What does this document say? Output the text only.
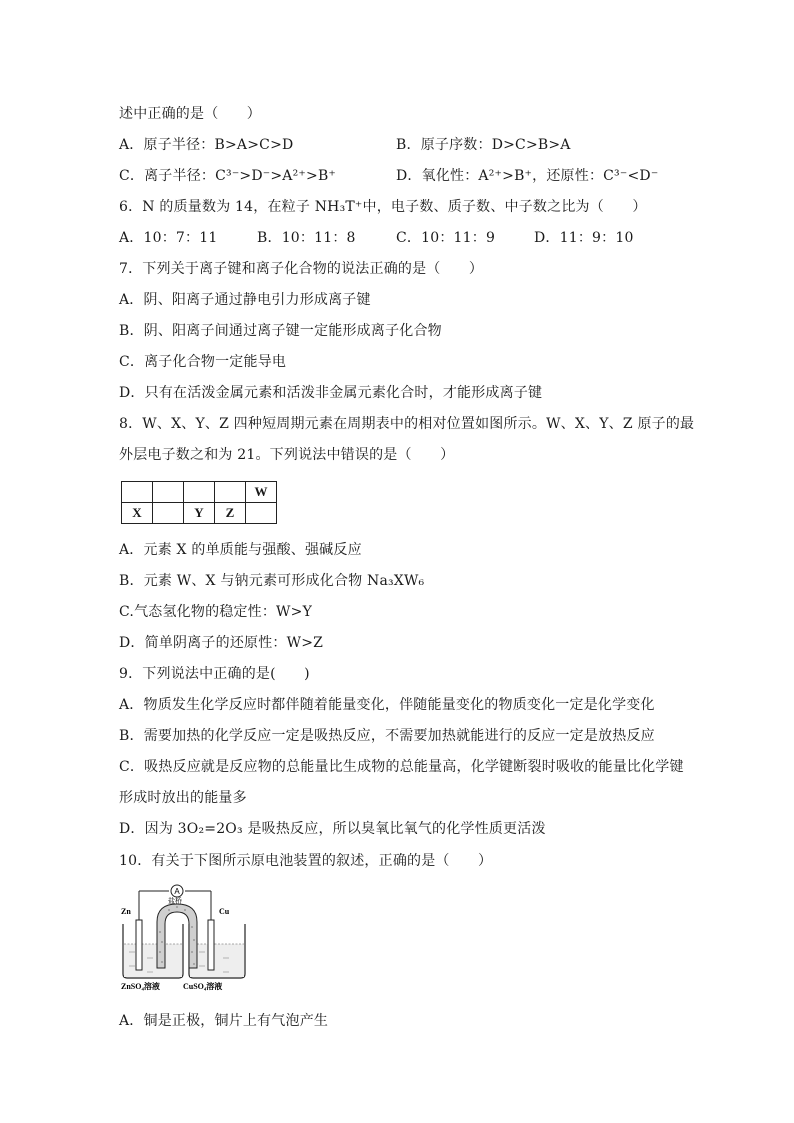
述中正确的是（　　）
A．原子半径：B>A>C>D	B．原子序数：D>C>B>A
C．离子半径：C³⁻>D⁻>A²⁺>B⁺	D．氧化性：A²⁺>B⁺，还原性：C³⁻<D⁻
6．N 的质量数为 14，在粒子 NH₃T⁺中，电子数、质子数、中子数之比为（　　）
A．10：7：11	B．10：11：8	C．10：11：9	D．11：9：10
7．下列关于离子键和离子化合物的说法正确的是（　　）
A．阴、阳离子通过静电引力形成离子键
B．阴、阳离子间通过离子键一定能形成离子化合物
C．离子化合物一定能导电
D．只有在活泼金属元素和活泼非金属元素化合时，才能形成离子键
8．W、X、Y、Z 四种短周期元素在周期表中的相对位置如图所示。W、X、Y、Z 原子的最
外层电子数之和为 21。下列说法中错误的是（　　）
				W
X		Y	Z	
A．元素 X 的单质能与强酸、强碱反应
B．元素 W、X 与钠元素可形成化合物 Na₃XW₆
C.气态氢化物的稳定性：W>Y
D．简单阴离子的还原性：W>Z
9．下列说法中正确的是(　　)
A．物质发生化学反应时都伴随着能量变化，伴随能量变化的物质变化一定是化学变化
B．需要加热的化学反应一定是吸热反应，不需要加热就能进行的反应一定是放热反应
C．吸热反应就是反应物的总能量比生成物的总能量高，化学键断裂时吸收的能量比化学键
形成时放出的能量多
D．因为 3O₂=2O₃ 是吸热反应，所以臭氧比氧气的化学性质更活泼
10．有关于下图所示原电池装置的叙述，正确的是（　　）
A
盐桥
Zn	Cu
ZnSO₄溶液	CuSO₄溶液
A．铜是正极，铜片上有气泡产生
